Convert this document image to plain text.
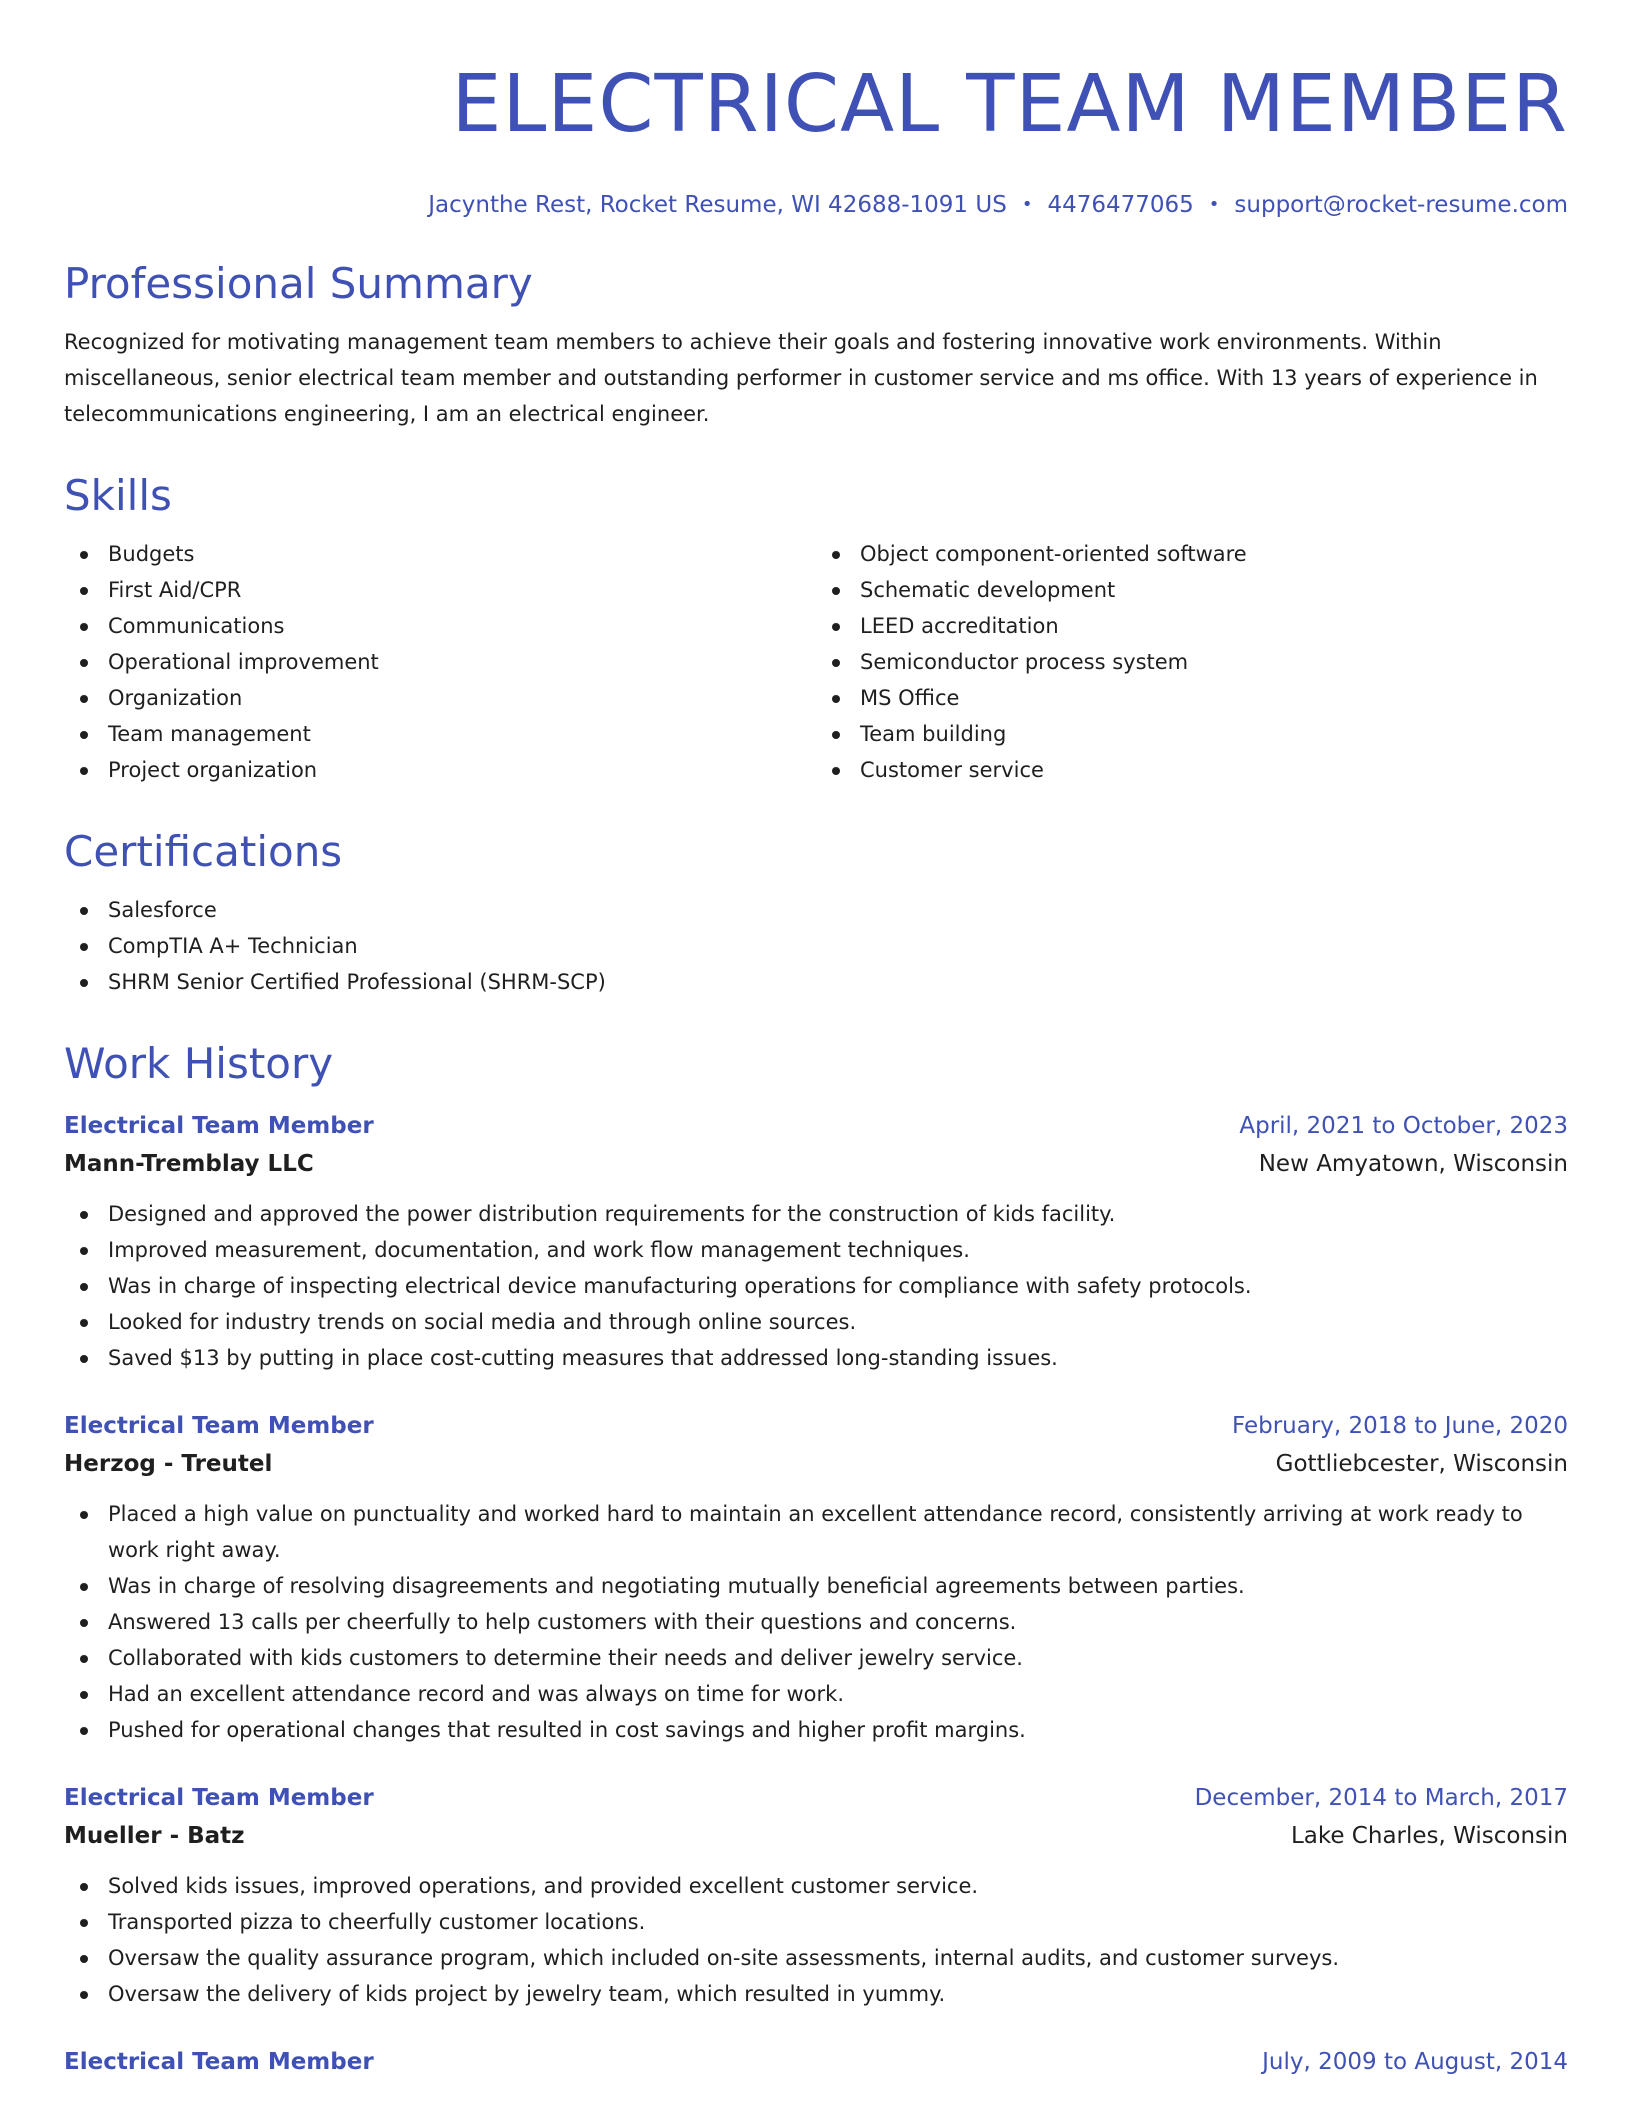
ELECTRICAL TEAM MEMBER
Jacynthe Rest, Rocket Resume, WI 42688-1091 US • 4476477065 • support@rocket-resume.com
Professional Summary

Recognized for motivating management team members to achieve their goals and fostering innovative work environments. Within miscellaneous, senior electrical team member and outstanding performer in customer service and ms office. With 13 years of experience in telecommunications engineering, I am an electrical engineer.

Skills
Budgets
First Aid/CPR
Communications
Operational improvement
Organization
Team management
Project organization
Object component-oriented software
Schematic development
LEED accreditation
Semiconductor process system
MS Office
Team building
Customer service
Certifications
Salesforce
CompTIA A+ Technician
SHRM Senior Certified Professional (SHRM-SCP)
Work History
Electrical Team Member	April, 2021 to October, 2023
Mann-Tremblay LLC	New Amyatown, Wisconsin
Designed and approved the power distribution requirements for the construction of kids facility.
Improved measurement, documentation, and work flow management techniques.
Was in charge of inspecting electrical device manufacturing operations for compliance with safety protocols.
Looked for industry trends on social media and through online sources.
Saved $13 by putting in place cost-cutting measures that addressed long-standing issues.
Electrical Team Member	February, 2018 to June, 2020
Herzog - Treutel	Gottliebcester, Wisconsin
Placed a high value on punctuality and worked hard to maintain an excellent attendance record, consistently arriving at work ready to work right away.
Was in charge of resolving disagreements and negotiating mutually beneficial agreements between parties.
Answered 13 calls per cheerfully to help customers with their questions and concerns.
Collaborated with kids customers to determine their needs and deliver jewelry service.
Had an excellent attendance record and was always on time for work.
Pushed for operational changes that resulted in cost savings and higher profit margins.
Electrical Team Member	December, 2014 to March, 2017
Mueller - Batz	Lake Charles, Wisconsin
Solved kids issues, improved operations, and provided excellent customer service.
Transported pizza to cheerfully customer locations.
Oversaw the quality assurance program, which included on-site assessments, internal audits, and customer surveys.
Oversaw the delivery of kids project by jewelry team, which resulted in yummy.
Electrical Team Member	July, 2009 to August, 2014
